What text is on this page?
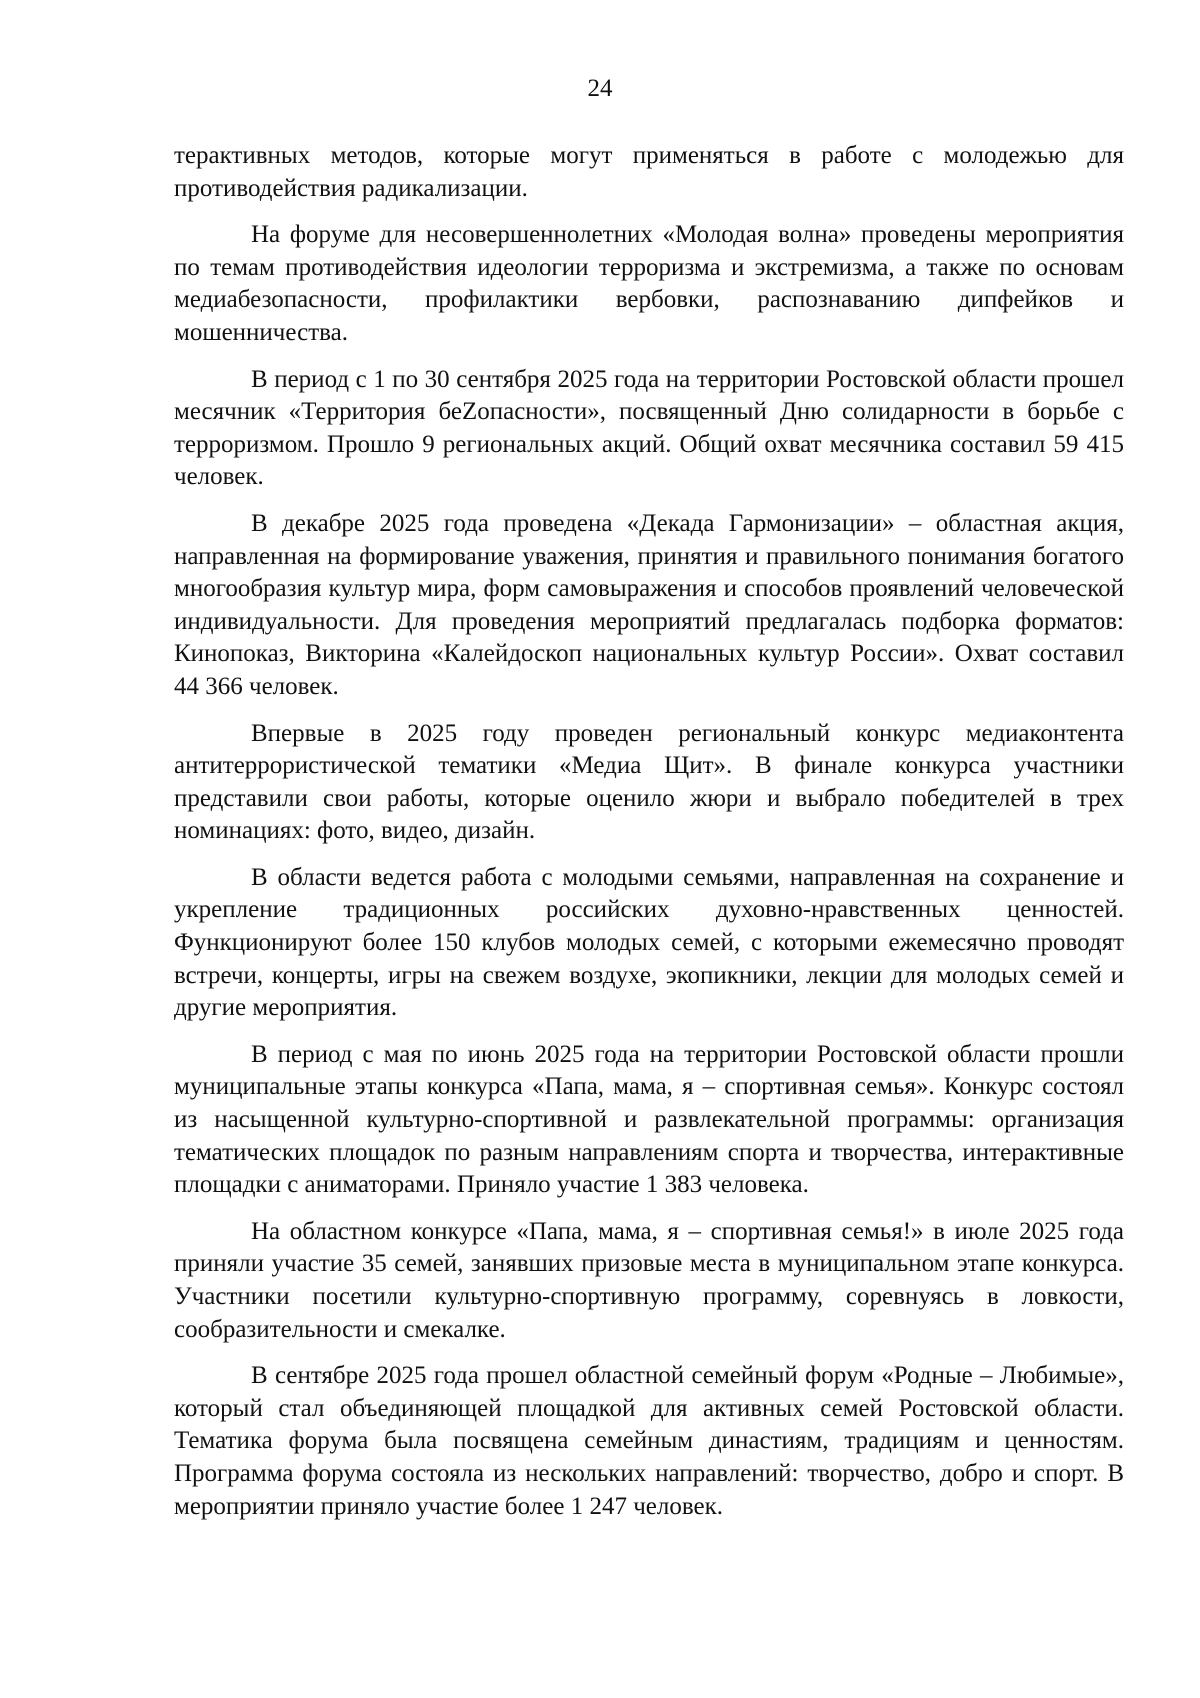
24

терактивных методов, которые могут применяться в работе с молодежью для противодействия радикализации.

На форуме для несовершеннолетних «Молодая волна» проведены мероприятия по темам противодействия идеологии терроризма и экстремизма, а также по основам медиабезопасности, профилактики вербовки, распознаванию дипфейков и мошенничества.

В период с 1 по 30 сентября 2025 года на территории Ростовской области прошел месячник «Территория беZопасности», посвященный Дню солидарности в борьбе с терроризмом. Прошло 9 региональных акций. Общий охват месячника составил 59 415 человек.

В декабре 2025 года проведена «Декада Гармонизации» – областная акция, направленная на формирование уважения, принятия и правильного понимания богатого многообразия культур мира, форм самовыражения и способов проявлений человеческой индивидуальности. Для проведения мероприятий предлагалась подборка форматов: Кинопоказ, Викторина «Калейдоскоп национальных культур России». Охват составил 44 366 человек.

Впервые в 2025 году проведен региональный конкурс медиаконтента антитеррористической тематики «Медиа Щит». В финале конкурса участники представили свои работы, которые оценило жюри и выбрало победителей в трех номинациях: фото, видео, дизайн.

В области ведется работа с молодыми семьями, направленная на сохранение и укрепление традиционных российских духовно-нравственных ценностей. Функционируют более 150 клубов молодых семей, с которыми ежемесячно проводят встречи, концерты, игры на свежем воздухе, экопикники, лекции для молодых семей и другие мероприятия.

В период с мая по июнь 2025 года на территории Ростовской области прошли муниципальные этапы конкурса «Папа, мама, я – спортивная семья». Конкурс состоял из насыщенной культурно-спортивной и развлекательной программы: организация тематических площадок по разным направлениям спорта и творчества, интерактивные площадки с аниматорами. Приняло участие 1 383 человека.

На областном конкурсе «Папа, мама, я – спортивная семья!» в июле 2025 года приняли участие 35 семей, занявших призовые места в муниципальном этапе конкурса. Участники посетили культурно-спортивную программу, соревнуясь в ловкости, сообразительности и смекалке.

В сентябре 2025 года прошел областной семейный форум «Родные – Любимые», который стал объединяющей площадкой для активных семей Ростовской области. Тематика форума была посвящена семейным династиям, традициям и ценностям. Программа форума состояла из нескольких направлений: творчество, добро и спорт. В мероприятии приняло участие более 1 247 человек.
